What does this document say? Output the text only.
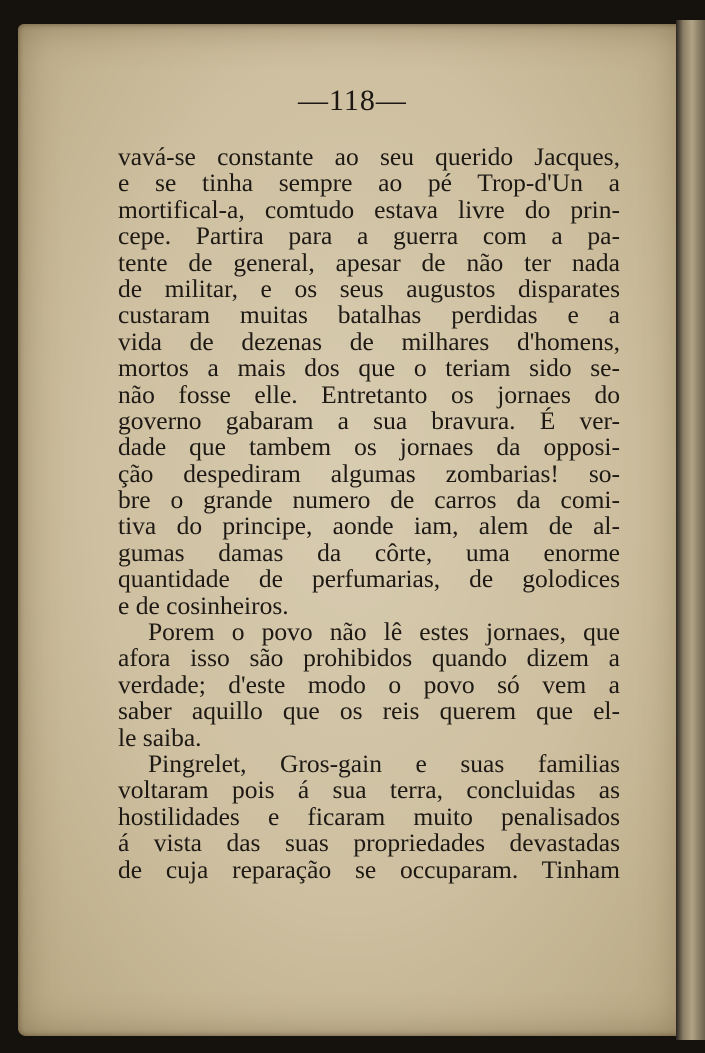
—118—
vavá-se constante ao seu querido Jacques,
e se tinha sempre ao pé Trop-d'Un a
mortifical-a, comtudo estava livre do prin-
cepe. Partira para a guerra com a pa-
tente de general, apesar de não ter nada
de militar, e os seus augustos disparates
custaram muitas batalhas perdidas e a
vida de dezenas de milhares d'homens,
mortos a mais dos que o teriam sido se-
não fosse elle. Entretanto os jornaes do
governo gabaram a sua bravura. É ver-
dade que tambem os jornaes da opposi-
ção despediram algumas zombarias! so-
bre o grande numero de carros da comi-
tiva do principe, aonde iam, alem de al-
gumas damas da côrte, uma enorme
quantidade de perfumarias, de golodices
e de cosinheiros.
Porem o povo não lê estes jornaes, que
afora isso são prohibidos quando dizem a
verdade; d'este modo o povo só vem a
saber aquillo que os reis querem que el-
le saiba.
Pingrelet, Gros-gain e suas familias
voltaram pois á sua terra, concluidas as
hostilidades e ficaram muito penalisados
á vista das suas propriedades devastadas
de cuja reparação se occuparam. Tinham
